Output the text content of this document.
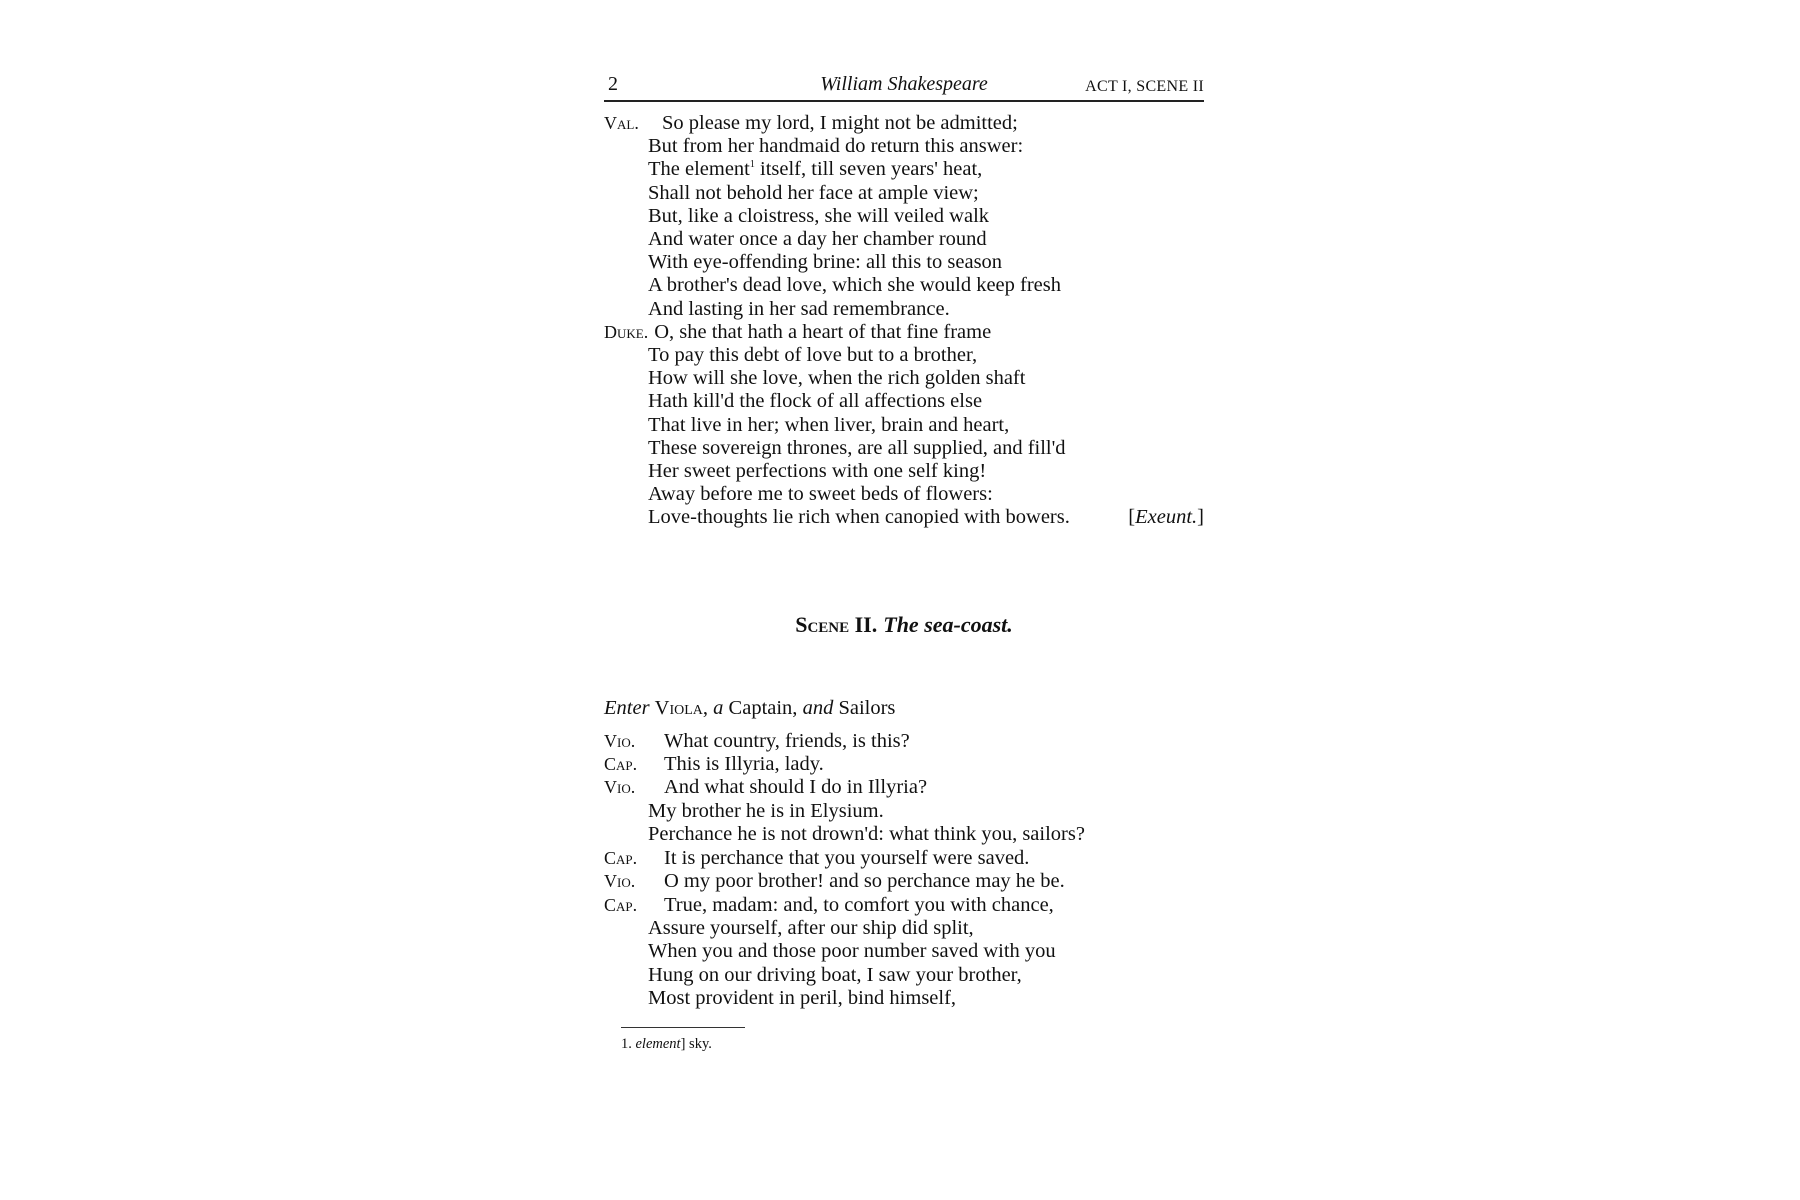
2	William Shakespeare	ACT I, SCENE II
Val. So please my lord, I might not be admitted;
But from her handmaid do return this answer:
The element$^1$ itself, till seven years' heat,
Shall not behold her face at ample view;
But, like a cloistress, she will veiled walk
And water once a day her chamber round
With eye-offending brine: all this to season
A brother's dead love, which she would keep fresh
And lasting in her sad remembrance.
Duke. O, she that hath a heart of that fine frame
To pay this debt of love but to a brother,
How will she love, when the rich golden shaft
Hath kill'd the flock of all affections else
That live in her; when liver, brain and heart,
These sovereign thrones, are all supplied, and fill'd
Her sweet perfections with one self king!
Away before me to sweet beds of flowers:
Love-thoughts lie rich when canopied with bowers.	[Exeunt.]
Scene II. The sea-coast.
Enter Viola, a Captain, and Sailors
Vio. What country, friends, is this?
Cap. This is Illyria, lady.
Vio. And what should I do in Illyria?
My brother he is in Elysium.
Perchance he is not drown'd: what think you, sailors?
Cap. It is perchance that you yourself were saved.
Vio. O my poor brother! and so perchance may he be.
Cap. True, madam: and, to comfort you with chance,
Assure yourself, after our ship did split,
When you and those poor number saved with you
Hung on our driving boat, I saw your brother,
Most provident in peril, bind himself,
1. element] sky.
